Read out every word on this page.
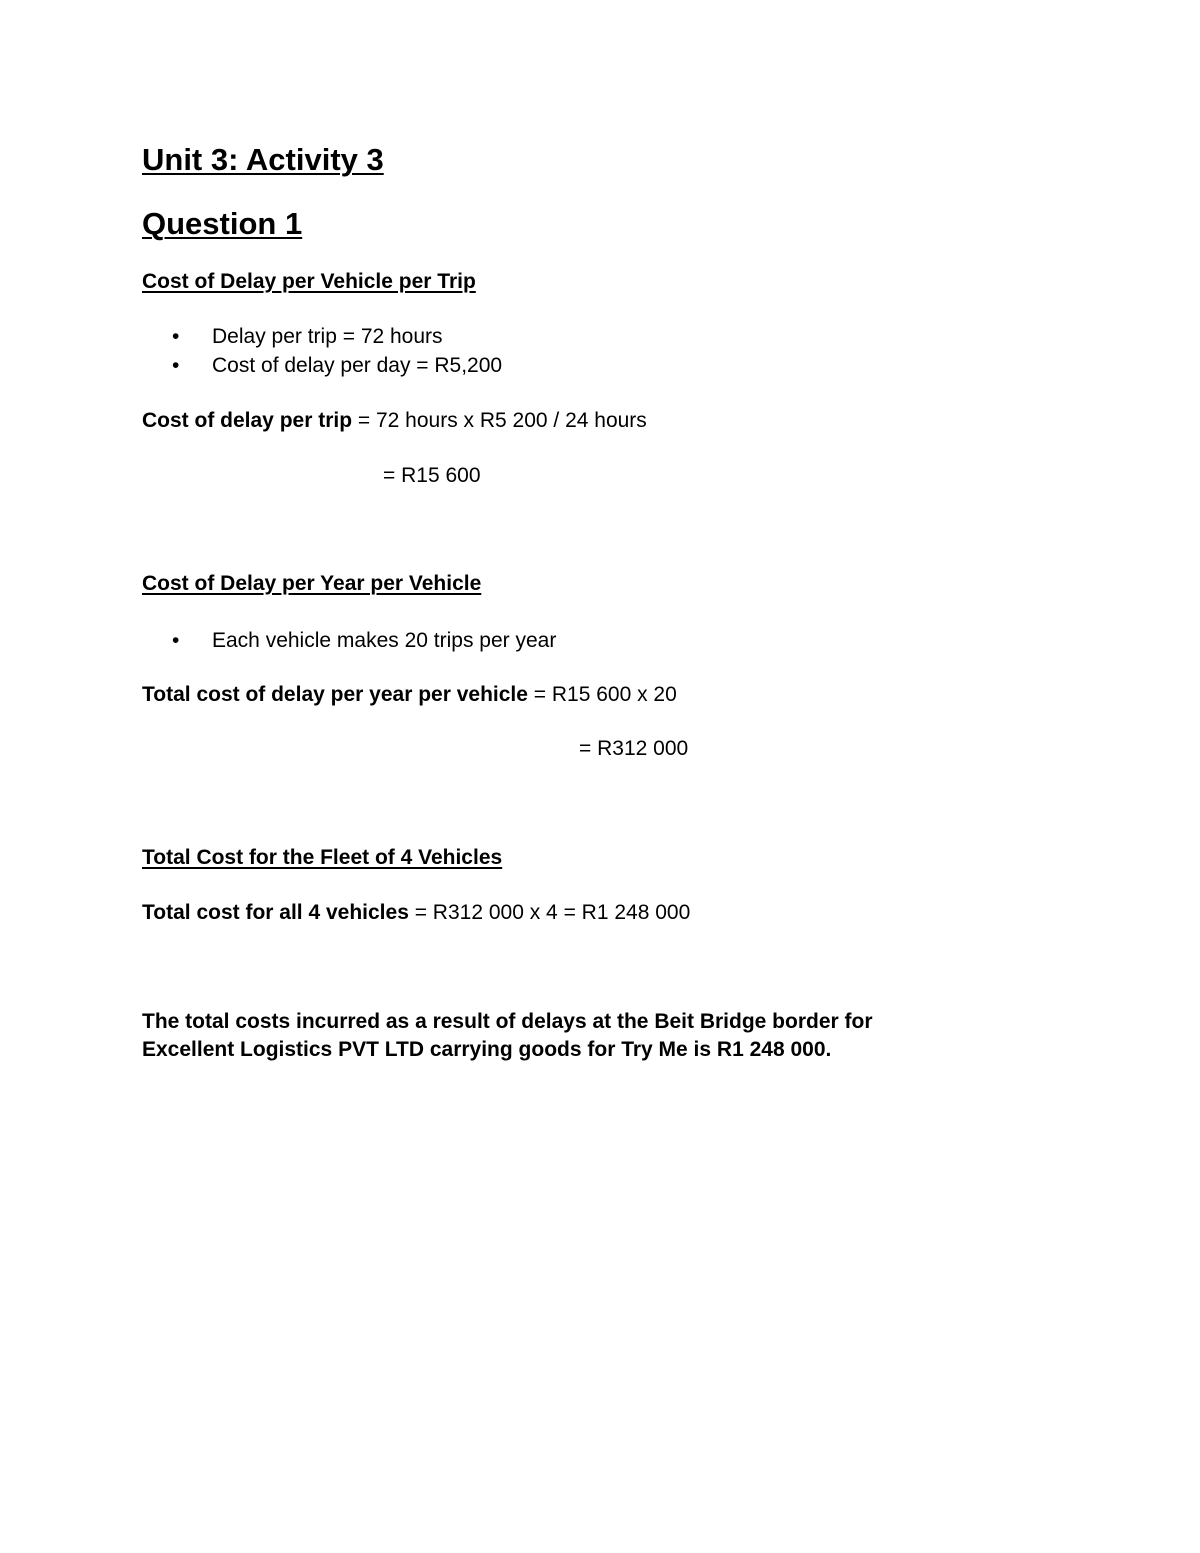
Unit 3: Activity 3
Question 1
Cost of Delay per Vehicle per Trip
• Delay per trip = 72 hours
• Cost of delay per day = R5,200
Cost of delay per trip = 72 hours x R5 200 / 24 hours
= R15 600
Cost of Delay per Year per Vehicle
• Each vehicle makes 20 trips per year
Total cost of delay per year per vehicle = R15 600 x 20
= R312 000
Total Cost for the Fleet of 4 Vehicles
Total cost for all 4 vehicles = R312 000 x 4 = R1 248 000
The total costs incurred as a result of delays at the Beit Bridge border for
Excellent Logistics PVT LTD carrying goods for Try Me is R1 248 000.
